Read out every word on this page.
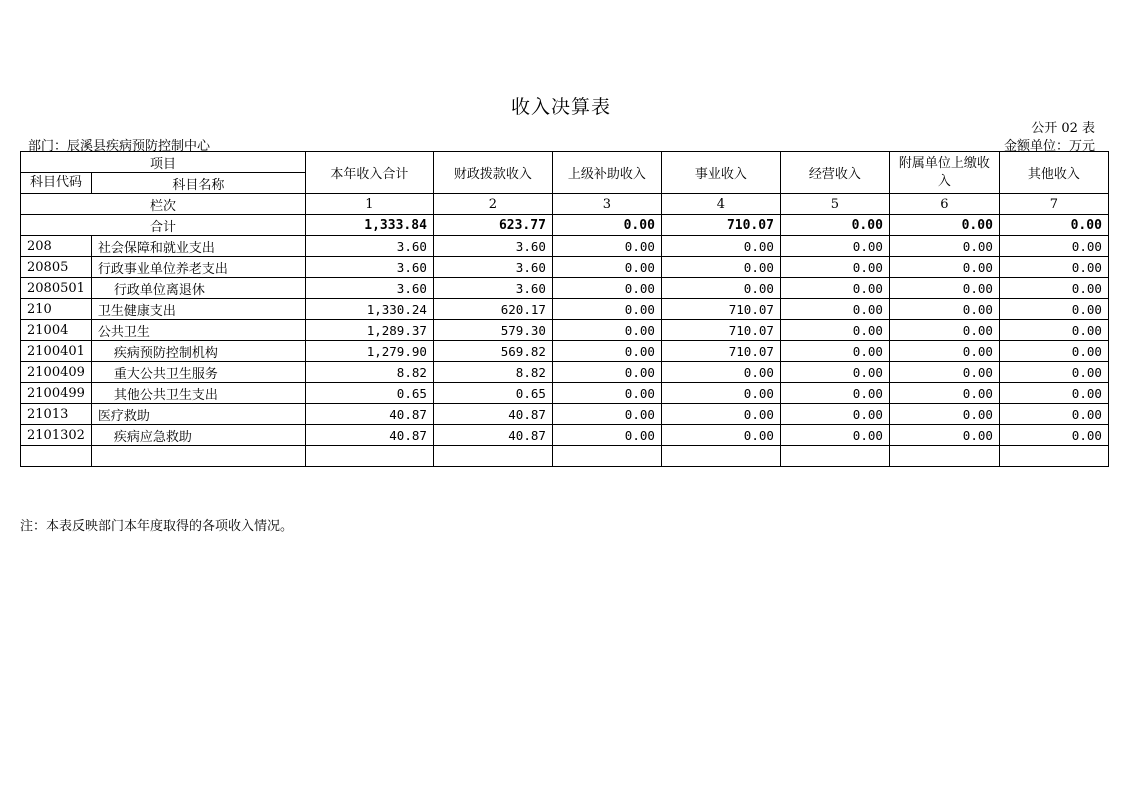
收入决算表
公开 02 表
部门：辰溪县疾病预防控制中心	金额单位：万元
项目		本年收入合计	财政拨款收入	上级补助收入	事业收入	经营收入	附属单位上缴收入	其他收入
科目代码	科目名称							
栏次		1	2	3	4	5	6	7
合计		1,333.84	623.77	0.00	710.07	0.00	0.00	0.00
208	社会保障和就业支出	3.60	3.60	0.00	0.00	0.00	0.00	0.00
20805	行政事业单位养老支出	3.60	3.60	0.00	0.00	0.00	0.00	0.00
2080501	行政单位离退休	3.60	3.60	0.00	0.00	0.00	0.00	0.00
210	卫生健康支出	1,330.24	620.17	0.00	710.07	0.00	0.00	0.00
21004	公共卫生	1,289.37	579.30	0.00	710.07	0.00	0.00	0.00
2100401	疾病预防控制机构	1,279.90	569.82	0.00	710.07	0.00	0.00	0.00
2100409	重大公共卫生服务	8.82	8.82	0.00	0.00	0.00	0.00	0.00
2100499	其他公共卫生支出	0.65	0.65	0.00	0.00	0.00	0.00	0.00
21013	医疗救助	40.87	40.87	0.00	0.00	0.00	0.00	0.00
2101302	疾病应急救助	40.87	40.87	0.00	0.00	0.00	0.00	0.00

注：本表反映部门本年度取得的各项收入情况。
